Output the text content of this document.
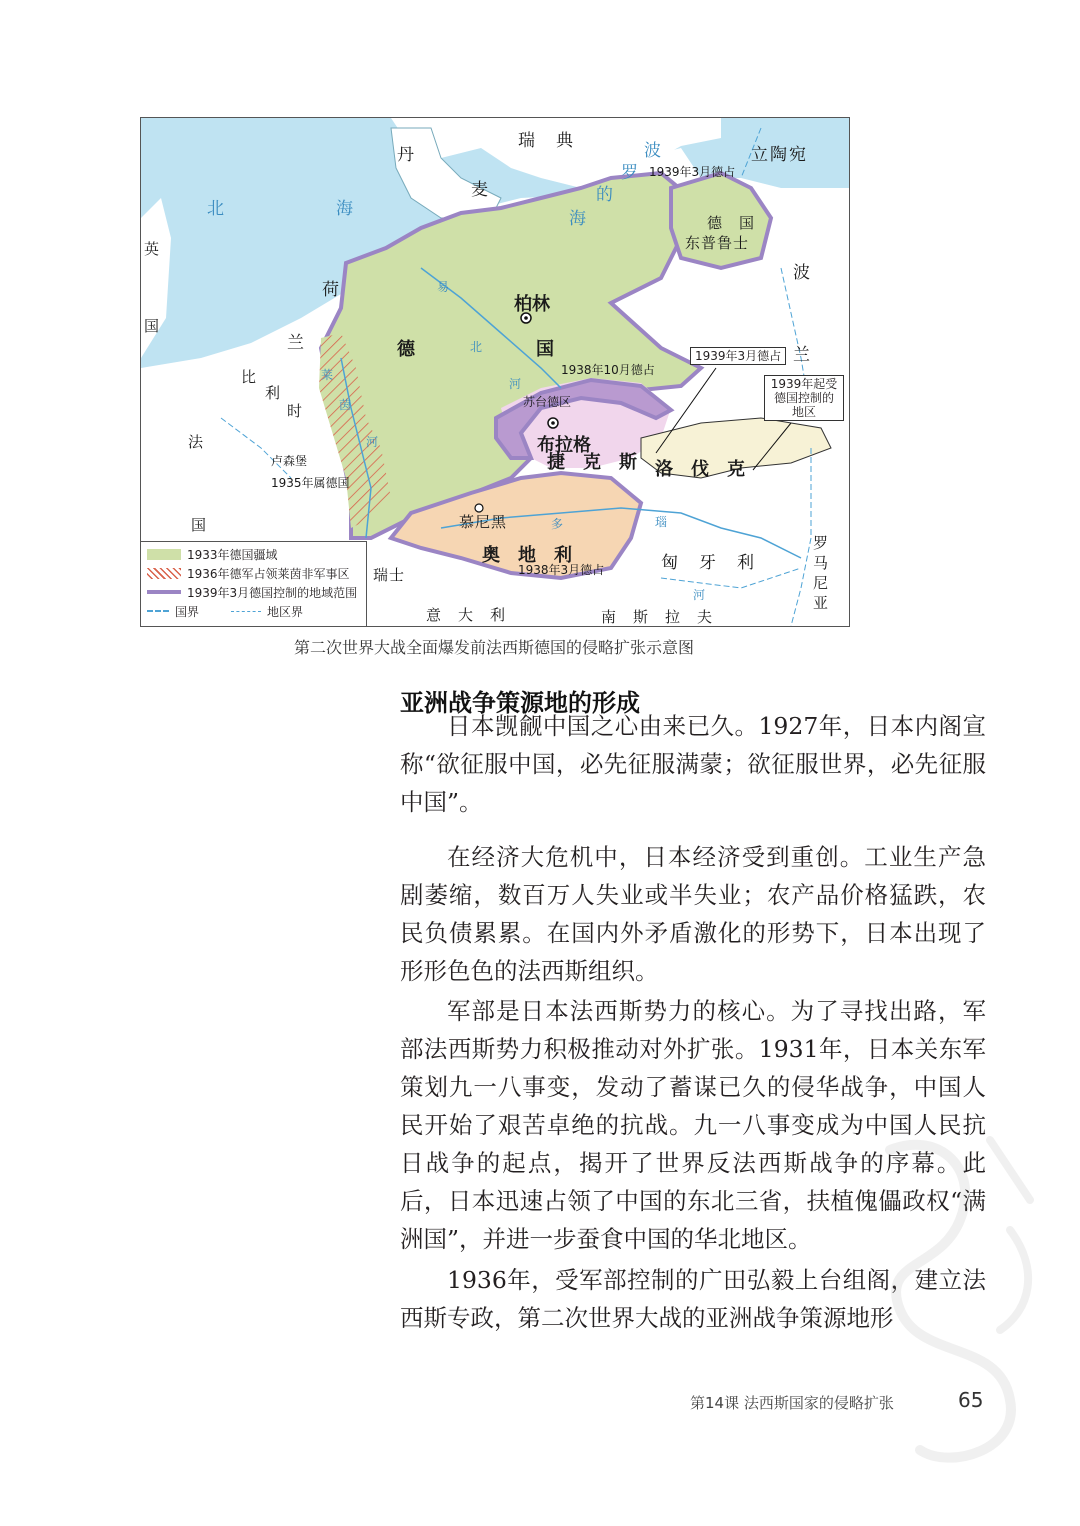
丹
麦
瑞　典	波
罗
的
海
北	海
立陶宛
1939年3月德占
德　国
东普鲁士
英
国
荷
兰
柏林
德	国
易
北
河
波
兰
比
利
时
法
国
莱
茵
河
卢森堡
1935年属德国
1938年10月德占
苏台德区
布拉格
捷　克　斯 洛　伐　克
慕尼黑	多
奥　地　利
1938年3月德占
瑙
河
匈　牙　利
罗马尼亚
瑞士
意　大　利	南　斯　拉　夫
1939年3月德占
1939年起受德国控制的地区
1933年德国疆域
1936年德军占领莱茵非军事区
1939年3月德国控制的地域范围
国界	地区界
第二次世界大战全面爆发前法西斯德国的侵略扩张示意图
亚洲战争策源地的形成

日本觊觎中国之心由来已久。1927年，日本内阁宣称“欲征服中国，必先征服满蒙；欲征服世界，必先征服中国”。

在经济大危机中，日本经济受到重创。工业生产急剧萎缩，数百万人失业或半失业；农产品价格猛跌，农民负债累累。在国内外矛盾激化的形势下，日本出现了形形色色的法西斯组织。

军部是日本法西斯势力的核心。为了寻找出路，军部法西斯势力积极推动对外扩张。1931年，日本关东军策划九一八事变，发动了蓄谋已久的侵华战争，中国人民开始了艰苦卓绝的抗战。九一八事变成为中国人民抗日战争的起点，揭开了世界反法西斯战争的序幕。此后，日本迅速占领了中国的东北三省，扶植傀儡政权“满洲国”，并进一步蚕食中国的华北地区。

1936年，受军部控制的广田弘毅上台组阁，建立法西斯专政，第二次世界大战的亚洲战争策源地形

第14课 法西斯国家的侵略扩张	65
